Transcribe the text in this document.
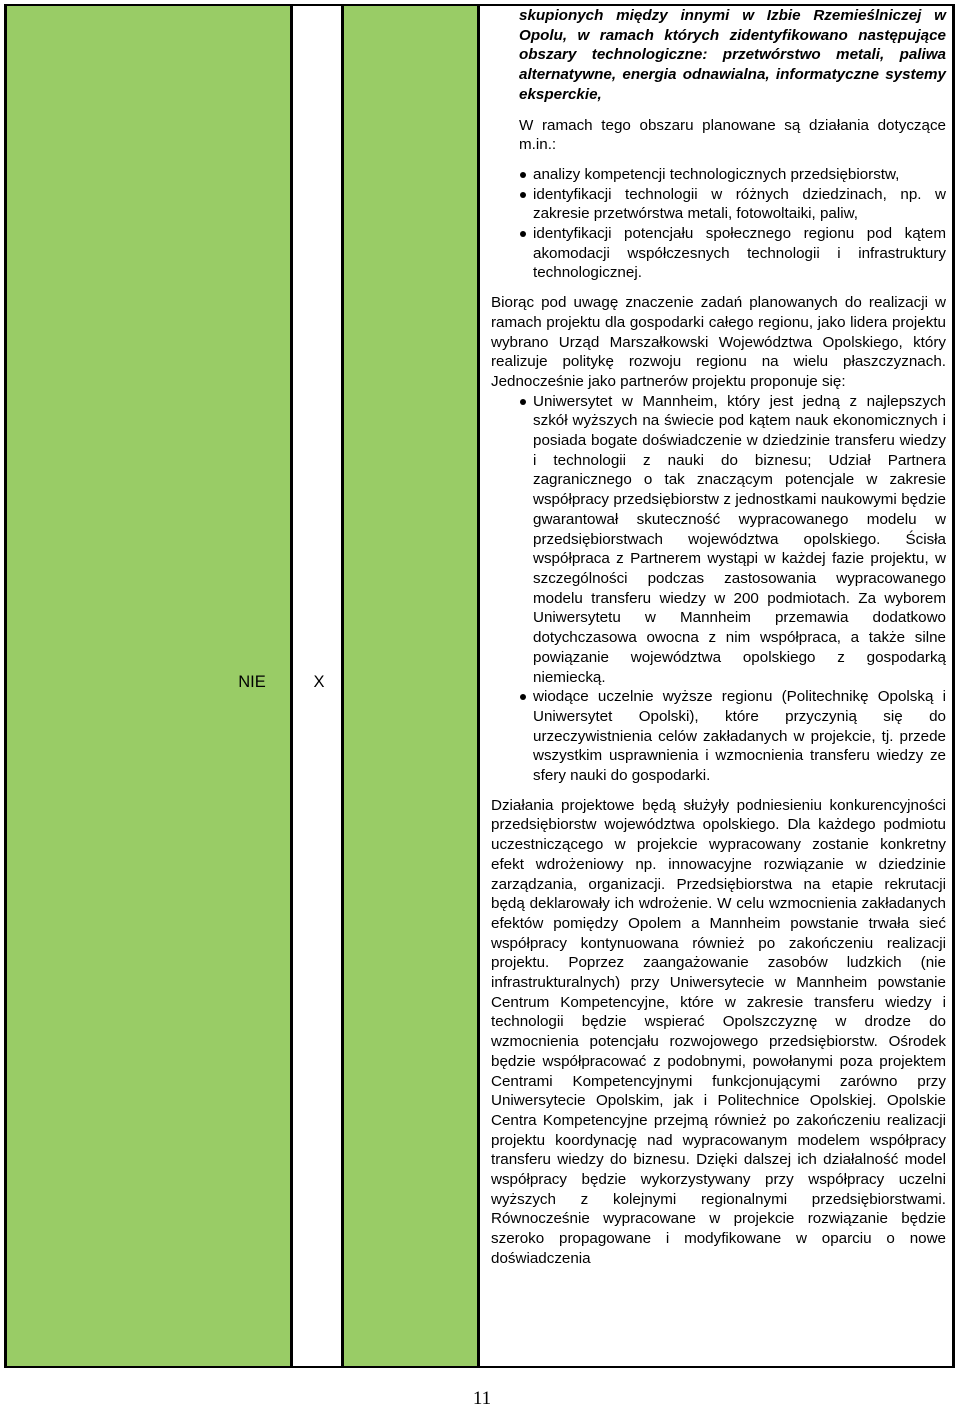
NIE	X

skupionych między innymi w Izbie Rzemieślniczej w Opolu, w ramach których zidentyfikowano następujące obszary technologiczne: przetwórstwo metali, paliwa alternatywne, energia odnawialna, informatyczne systemy eksperckie,

W ramach tego obszaru planowane są działania dotyczące m.in.:

analizy kompetencji technologicznych przedsiębiorstw,
identyfikacji technologii w różnych dziedzinach, np. w zakresie przetwórstwa metali, fotowoltaiki, paliw,
identyfikacji potencjału społecznego regionu pod kątem akomodacji współczesnych technologii i infrastruktury technologicznej.

Biorąc pod uwagę znaczenie zadań planowanych do realizacji w ramach projektu dla gospodarki całego regionu, jako lidera projektu wybrano Urząd Marszałkowski Województwa Opolskiego, który realizuje politykę rozwoju regionu na wielu płaszczyznach. Jednocześnie jako partnerów projektu proponuje się:

Uniwersytet w Mannheim, który jest jedną z najlepszych szkół wyższych na świecie pod kątem nauk ekonomicznych i posiada bogate doświadczenie w dziedzinie transferu wiedzy i technologii z nauki do biznesu; Udział Partnera zagranicznego o tak znaczącym potencjale w zakresie współpracy przedsiębiorstw z jednostkami naukowymi będzie gwarantował skuteczność wypracowanego modelu w przedsiębiorstwach województwa opolskiego. Ścisła współpraca z Partnerem wystąpi w każdej fazie projektu, w szczególności podczas zastosowania wypracowanego modelu transferu wiedzy w 200 podmiotach. Za wyborem Uniwersytetu w Mannheim przemawia dodatkowo dotychczasowa owocna z nim współpraca, a także silne powiązanie województwa opolskiego z gospodarką niemiecką.
wiodące uczelnie wyższe regionu (Politechnikę Opolską i Uniwersytet Opolski), które przyczynią się do urzeczywistnienia celów zakładanych w projekcie, tj. przede wszystkim usprawnienia i wzmocnienia transferu wiedzy ze sfery nauki do gospodarki.

Działania projektowe będą służyły podniesieniu konkurencyjności przedsiębiorstw województwa opolskiego. Dla każdego podmiotu uczestniczącego w projekcie wypracowany zostanie konkretny efekt wdrożeniowy np. innowacyjne rozwiązanie w dziedzinie zarządzania, organizacji. Przedsiębiorstwa na etapie rekrutacji będą deklarowały ich wdrożenie. W celu wzmocnienia zakładanych efektów pomiędzy Opolem a Mannheim powstanie trwała sieć współpracy kontynuowana również po zakończeniu realizacji projektu. Poprzez zaangażowanie zasobów ludzkich (nie infrastrukturalnych) przy Uniwersytecie w Mannheim powstanie Centrum Kompetencyjne, które w zakresie transferu wiedzy i technologii będzie wspierać Opolszczyznę w drodze do wzmocnienia potencjału rozwojowego przedsiębiorstw. Ośrodek będzie współpracować z podobnymi, powołanymi poza projektem Centrami Kompetencyjnymi funkcjonującymi zarówno przy Uniwersytecie Opolskim, jak i Politechnice Opolskiej. Opolskie Centra Kompetencyjne przejmą również po zakończeniu realizacji projektu koordynację nad wypracowanym modelem współpracy transferu wiedzy do biznesu. Dzięki dalszej ich działalność model współpracy będzie wykorzystywany przy współpracy uczelni wyższych z kolejnymi regionalnymi przedsiębiorstwami. Równocześnie wypracowane w projekcie rozwiązanie będzie szeroko propagowane i modyfikowane w oparciu o nowe doświadczenia

11
